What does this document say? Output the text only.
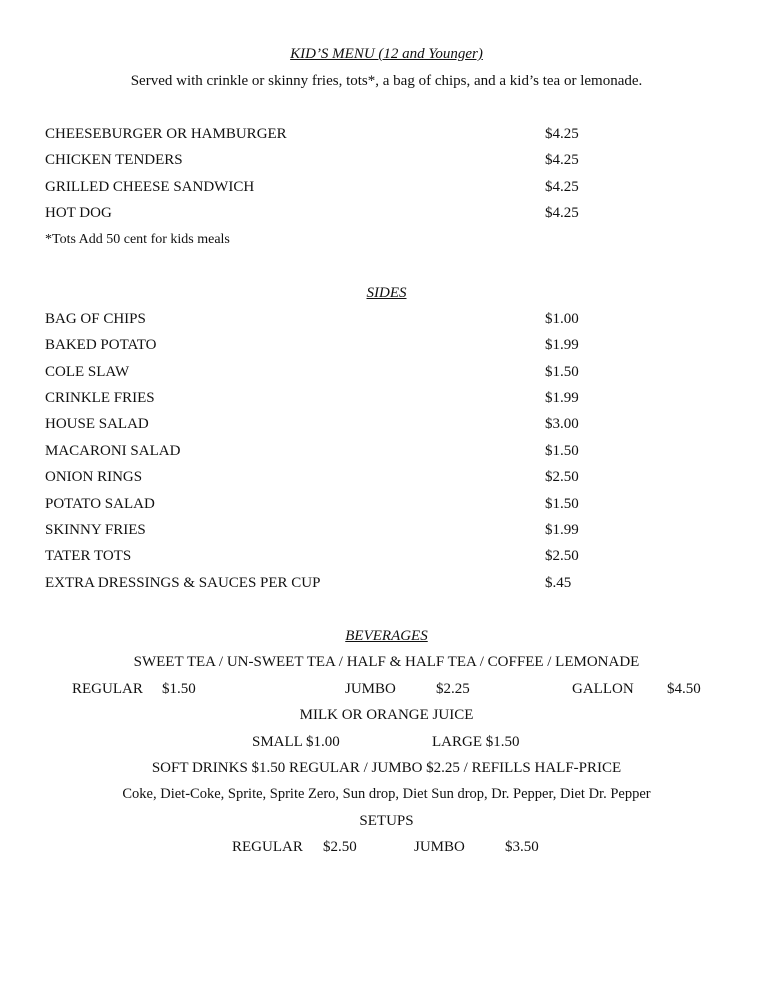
KID’S MENU (12 and Younger)
Served with crinkle or skinny fries, tots*, a bag of chips, and a kid’s tea or lemonade.
CHEESEBURGER OR HAMBURGER	$4.25
CHICKEN TENDERS	$4.25
GRILLED CHEESE SANDWICH	$4.25
HOT DOG	$4.25
*Tots Add 50 cent for kids meals
SIDES
BAG OF CHIPS	$1.00
BAKED POTATO	$1.99
COLE SLAW	$1.50
CRINKLE FRIES	$1.99
HOUSE SALAD	$3.00
MACARONI SALAD	$1.50
ONION RINGS	$2.50
POTATO SALAD	$1.50
SKINNY FRIES	$1.99
TATER TOTS	$2.50
EXTRA DRESSINGS & SAUCES PER CUP	$.45
BEVERAGES
SWEET TEA / UN-SWEET TEA / HALF & HALF TEA / COFFEE / LEMONADE
REGULAR $1.50	JUMBO	$2.25	GALLON $4.50
MILK OR ORANGE JUICE
SMALL $1.00	LARGE $1.50
SOFT DRINKS $1.50 REGULAR / JUMBO $2.25 / REFILLS HALF-PRICE
Coke, Diet-Coke, Sprite, Sprite Zero, Sun drop, Diet Sun drop, Dr. Pepper, Diet Dr. Pepper
SETUPS
REGULAR $2.50	JUMBO	$3.50
